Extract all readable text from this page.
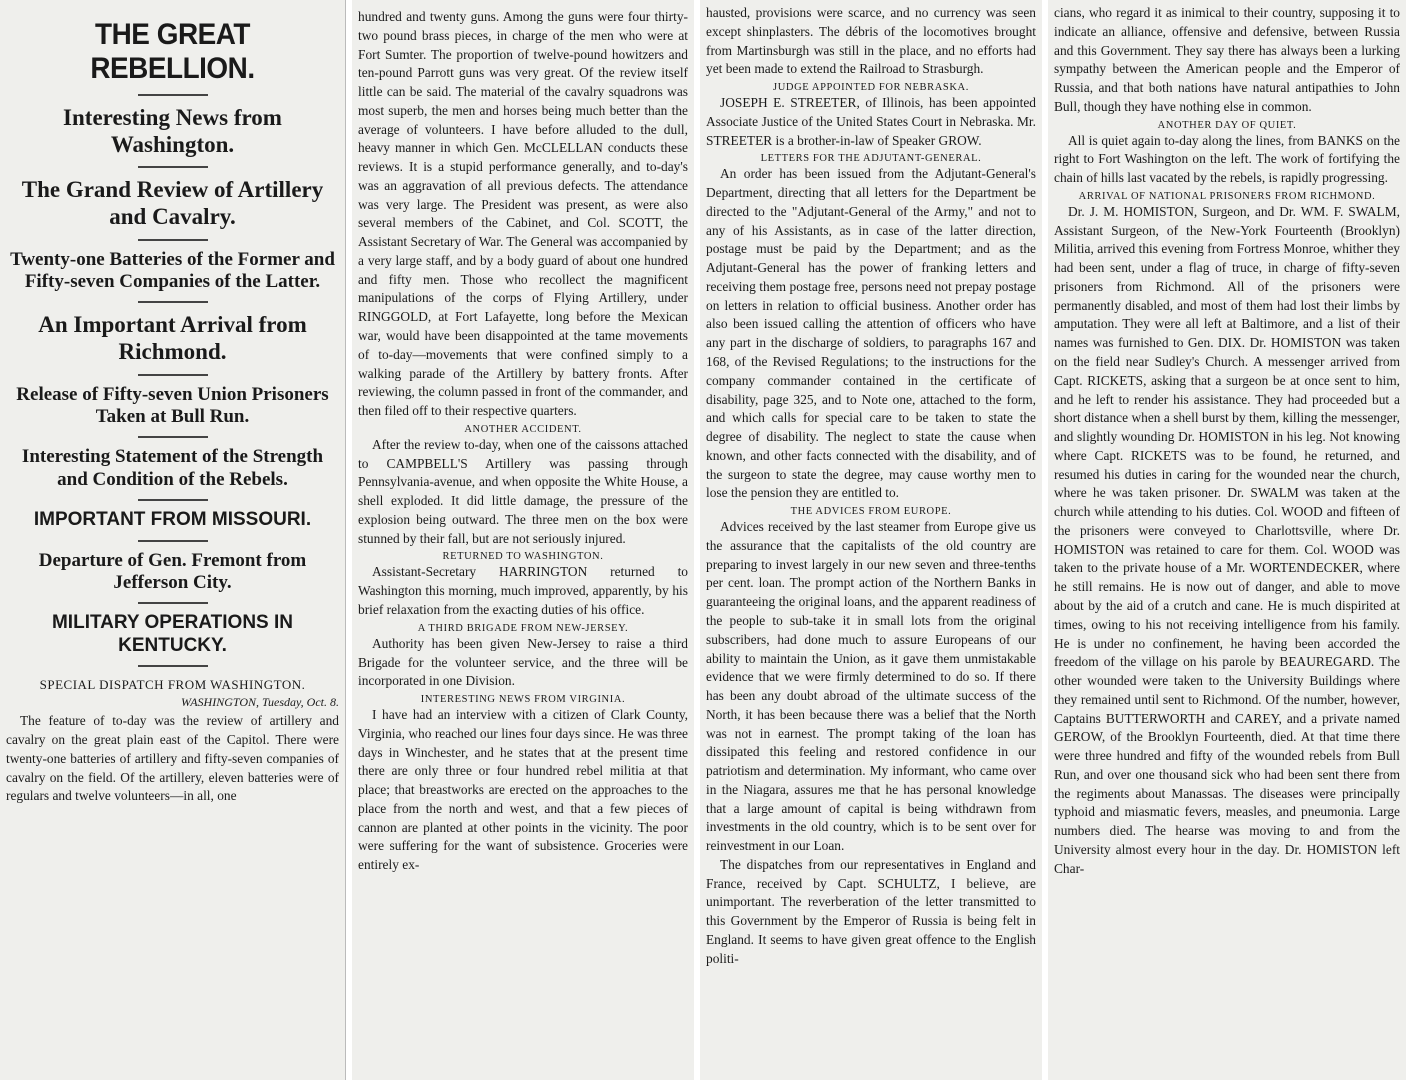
THE GREAT REBELLION.
Interesting News from Washington.
The Grand Review of Artillery and Cavalry.
Twenty-one Batteries of the Former and Fifty-seven Companies of the Latter.
An Important Arrival from Richmond.
Release of Fifty-seven Union Prisoners Taken at Bull Run.
Interesting Statement of the Strength and Condition of the Rebels.
IMPORTANT FROM MISSOURI.
Departure of Gen. Fremont from Jefferson City.
MILITARY OPERATIONS IN KENTUCKY.
SPECIAL DISPATCH FROM WASHINGTON.
WASHINGTON, Tuesday, Oct. 8.

The feature of to-day was the review of artillery and cavalry on the great plain east of the Capitol. There were twenty-one batteries of artillery and fifty-seven companies of cavalry on the field. Of the artillery, eleven batteries were of regulars and twelve volunteers—in all, one

hundred and twenty guns. Among the guns were four thirty-two pound brass pieces, in charge of the men who were at Fort Sumter. The proportion of twelve-pound howitzers and ten-pound Parrott guns was very great. Of the review itself little can be said. The material of the cavalry squadrons was most superb, the men and horses being much better than the average of volunteers. I have before alluded to the dull, heavy manner in which Gen. McCLELLAN conducts these reviews. It is a stupid performance generally, and to-day's was an aggravation of all previous defects. The attendance was very large. The President was present, as were also several members of the Cabinet, and Col. SCOTT, the Assistant Secretary of War. The General was accompanied by a very large staff, and by a body guard of about one hundred and fifty men. Those who recollect the magnificent manipulations of the corps of Flying Artillery, under RINGGOLD, at Fort Lafayette, long before the Mexican war, would have been disappointed at the tame movements of to-day—movements that were confined simply to a walking parade of the Artillery by battery fronts. After reviewing, the column passed in front of the commander, and then filed off to their respective quarters.

ANOTHER ACCIDENT.

After the review to-day, when one of the caissons attached to CAMPBELL'S Artillery was passing through Pennsylvania-avenue, and when opposite the White House, a shell exploded. It did little damage, the pressure of the explosion being outward. The three men on the box were stunned by their fall, but are not seriously injured.

RETURNED TO WASHINGTON.

Assistant-Secretary HARRINGTON returned to Washington this morning, much improved, apparently, by his brief relaxation from the exacting duties of his office.

A THIRD BRIGADE FROM NEW-JERSEY.

Authority has been given New-Jersey to raise a third Brigade for the volunteer service, and the three will be incorporated in one Division.

INTERESTING NEWS FROM VIRGINIA.

I have had an interview with a citizen of Clark County, Virginia, who reached our lines four days since. He was three days in Winchester, and he states that at the present time there are only three or four hundred rebel militia at that place; that breastworks are erected on the approaches to the place from the north and west, and that a few pieces of cannon are planted at other points in the vicinity. The poor were suffering for the want of subsistence. Groceries were entirely ex-

hausted, provisions were scarce, and no currency was seen except shinplasters. The débris of the locomotives brought from Martinsburgh was still in the place, and no efforts had yet been made to extend the Railroad to Strasburgh.

JUDGE APPOINTED FOR NEBRASKA.

JOSEPH E. STREETER, of Illinois, has been appointed Associate Justice of the United States Court in Nebraska. Mr. STREETER is a brother-in-law of Speaker GROW.

LETTERS FOR THE ADJUTANT-GENERAL.

An order has been issued from the Adjutant-General's Department, directing that all letters for the Department be directed to the "Adjutant-General of the Army," and not to any of his Assistants, as in case of the latter direction, postage must be paid by the Department; and as the Adjutant-General has the power of franking letters and receiving them postage free, persons need not prepay postage on letters in relation to official business. Another order has also been issued calling the attention of officers who have any part in the discharge of soldiers, to paragraphs 167 and 168, of the Revised Regulations; to the instructions for the company commander contained in the certificate of disability, page 325, and to Note one, attached to the form, and which calls for special care to be taken to state the degree of disability. The neglect to state the cause when known, and other facts connected with the disability, and of the surgeon to state the degree, may cause worthy men to lose the pension they are entitled to.

THE ADVICES FROM EUROPE.

Advices received by the last steamer from Europe give us the assurance that the capitalists of the old country are preparing to invest largely in our new seven and three-tenths per cent. loan. The prompt action of the Northern Banks in guaranteeing the original loans, and the apparent readiness of the people to sub-take it in small lots from the original subscribers, had done much to assure Europeans of our ability to maintain the Union, as it gave them unmistakable evidence that we were firmly determined to do so. If there has been any doubt abroad of the ultimate success of the North, it has been because there was a belief that the North was not in earnest. The prompt taking of the loan has dissipated this feeling and restored confidence in our patriotism and determination. My informant, who came over in the Niagara, assures me that he has personal knowledge that a large amount of capital is being withdrawn from investments in the old country, which is to be sent over for reinvestment in our Loan.

The dispatches from our representatives in England and France, received by Capt. SCHULTZ, I believe, are unimportant. The reverberation of the letter transmitted to this Government by the Emperor of Russia is being felt in England. It seems to have given great offence to the English politi-

cians, who regard it as inimical to their country, supposing it to indicate an alliance, offensive and defensive, between Russia and this Government. They say there has always been a lurking sympathy between the American people and the Emperor of Russia, and that both nations have natural antipathies to John Bull, though they have nothing else in common.

ANOTHER DAY OF QUIET.

All is quiet again to-day along the lines, from BANKS on the right to Fort Washington on the left. The work of fortifying the chain of hills last vacated by the rebels, is rapidly progressing.

ARRIVAL OF NATIONAL PRISONERS FROM RICHMOND.

Dr. J. M. HOMISTON, Surgeon, and Dr. WM. F. SWALM, Assistant Surgeon, of the New-York Fourteenth (Brooklyn) Militia, arrived this evening from Fortress Monroe, whither they had been sent, under a flag of truce, in charge of fifty-seven prisoners from Richmond. All of the prisoners were permanently disabled, and most of them had lost their limbs by amputation. They were all left at Baltimore, and a list of their names was furnished to Gen. DIX. Dr. HOMISTON was taken on the field near Sudley's Church. A messenger arrived from Capt. RICKETS, asking that a surgeon be at once sent to him, and he left to render his assistance. They had proceeded but a short distance when a shell burst by them, killing the messenger, and slightly wounding Dr. HOMISTON in his leg. Not knowing where Capt. RICKETS was to be found, he returned, and resumed his duties in caring for the wounded near the church, where he was taken prisoner. Dr. SWALM was taken at the church while attending to his duties. Col. WOOD and fifteen of the prisoners were conveyed to Charlottsville, where Dr. HOMISTON was retained to care for them. Col. WOOD was taken to the private house of a Mr. WORTENDECKER, where he still remains. He is now out of danger, and able to move about by the aid of a crutch and cane. He is much dispirited at times, owing to his not receiving intelligence from his family. He is under no confinement, he having been accorded the freedom of the village on his parole by BEAUREGARD. The other wounded were taken to the University Buildings where they remained until sent to Richmond. Of the number, however, Captains BUTTERWORTH and CAREY, and a private named GEROW, of the Brooklyn Fourteenth, died. At that time there were three hundred and fifty of the wounded rebels from Bull Run, and over one thousand sick who had been sent there from the regiments about Manassas. The diseases were principally typhoid and miasmatic fevers, measles, and pneumonia. Large numbers died. The hearse was moving to and from the University almost every hour in the day. Dr. HOMISTON left Char-
